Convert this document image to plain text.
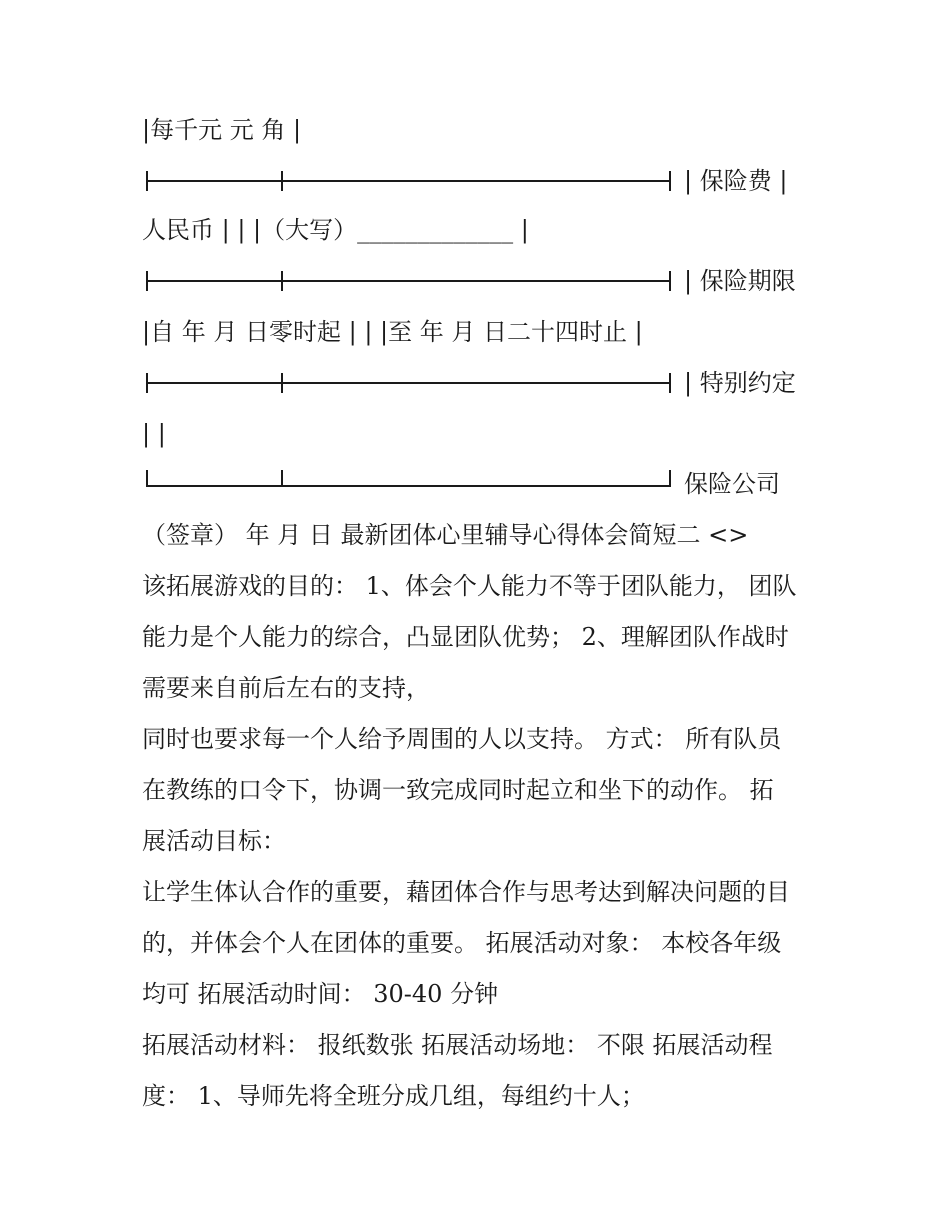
|每千元 元 角 |
| 保险费 |
人民币 | | |（大写）_____________ |
| 保险期限
|自 年 月 日零时起 | | |至 年 月 日二十四时止 |
| 特别约定
| |
保险公司
（签章） 年 月 日 最新团体心里辅导心得体会简短二 <>
该拓展游戏的目的： 1、体会个人能力不等于团队能力， 团队
能力是个人能力的综合，凸显团队优势； 2、理解团队作战时
需要来自前后左右的支持，
同时也要求每一个人给予周围的人以支持。 方式： 所有队员
在教练的口令下，协调一致完成同时起立和坐下的动作。 拓
展活动目标：
让学生体认合作的重要，藉团体合作与思考达到解决问题的目
的，并体会个人在团体的重要。 拓展活动对象： 本校各年级
均可 拓展活动时间： 30-40 分钟
拓展活动材料： 报纸数张 拓展活动场地： 不限 拓展活动程
度： 1、导师先将全班分成几组，每组约十人；
